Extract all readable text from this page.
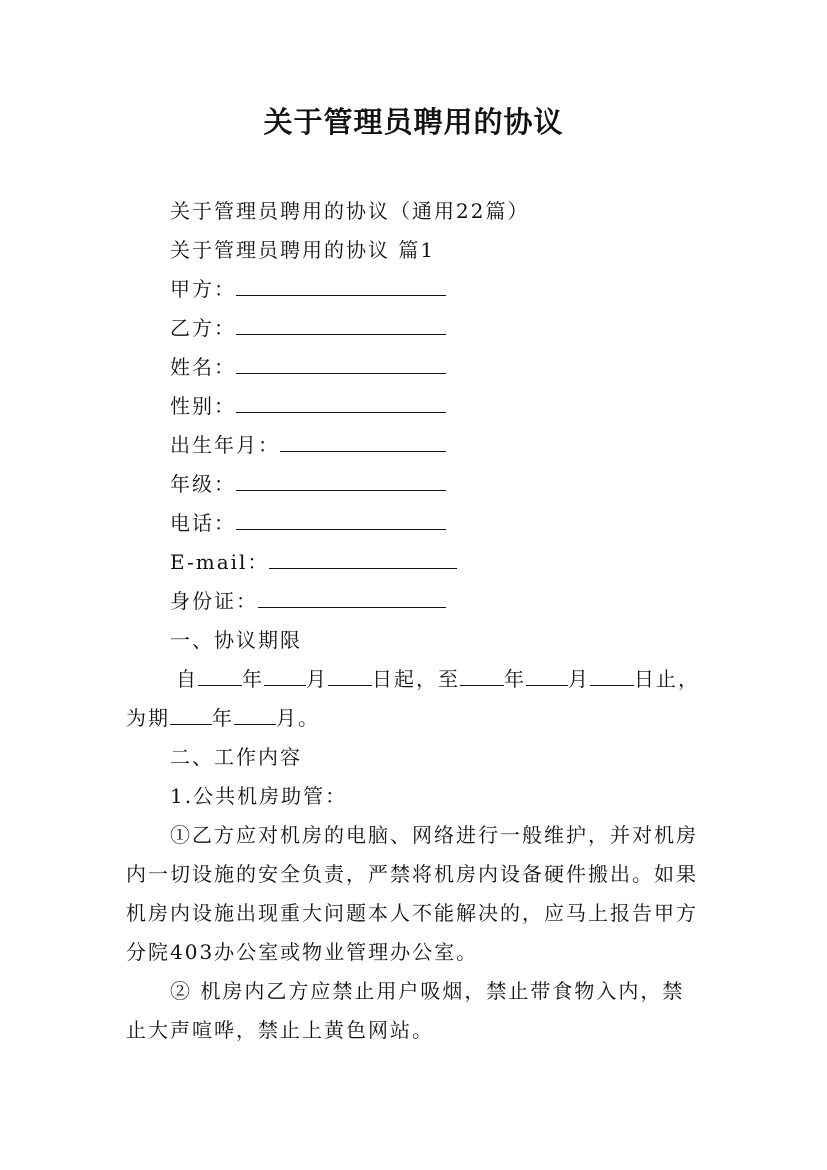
关于管理员聘用的协议
关于管理员聘用的协议（通用22篇）
关于管理员聘用的协议 篇1
甲方：
乙方：
姓名：
性别：
出生年月：
年级：
电话：
E-mail：
身份证：
一、协议期限
自 年 月 日起，至 年 月 日止，
为期 年 月。
二、工作内容
1.公共机房助管：
①乙方应对机房的电脑、网络进行一般维护，并对机房
内一切设施的安全负责，严禁将机房内设备硬件搬出。如果
机房内设施出现重大问题本人不能解决的，应马上报告甲方
分院403办公室或物业管理办公室。
② 机房内乙方应禁止用户吸烟，禁止带食物入内，禁
止大声喧哗，禁止上黄色网站。
